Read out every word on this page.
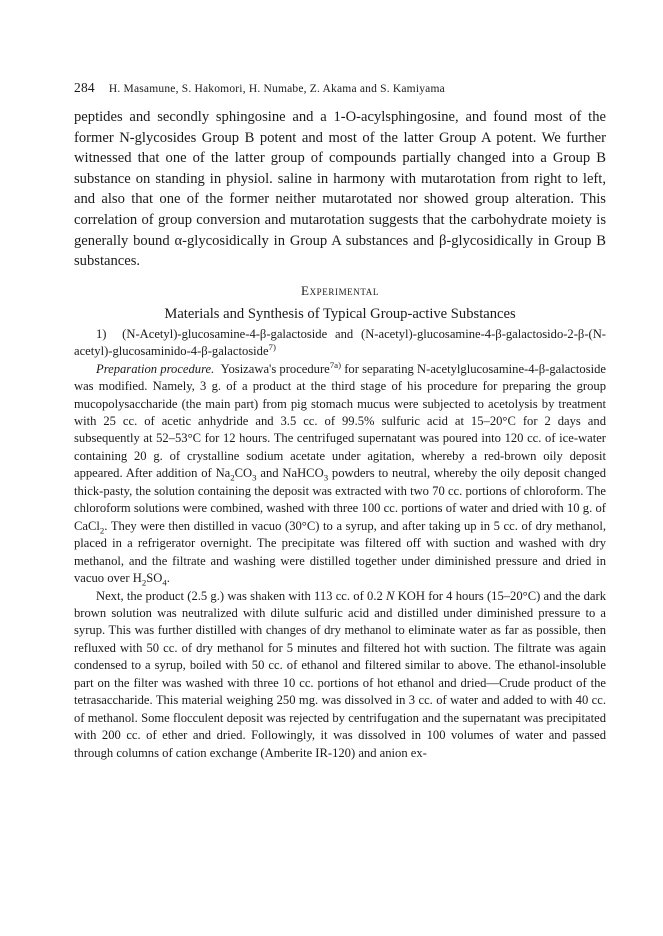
284 H. Masamune, S. Hakomori, H. Numabe, Z. Akama and S. Kamiyama

peptides and secondly sphingosine and a 1-O-acylsphingosine, and found most of the former N-glycosides Group B potent and most of the latter Group A potent. We further witnessed that one of the latter group of compounds partially changed into a Group B substance on standing in physiol. saline in harmony with mutarotation from right to left, and also that one of the former neither mutarotated nor showed group alteration. This correlation of group conversion and mutarotation suggests that the carbohydrate moiety is generally bound α-glycosidically in Group A substances and β-glycosidically in Group B substances.

Experimental
Materials and Synthesis of Typical Group-active Substances

1) (N-Acetyl)-glucosamine-4-β-galactoside and (N-acetyl)-glucosamine-4-β-galactosido-2-β-(N-acetyl)-glucosaminido-4-β-galactoside$^{7)}$

Preparation procedure. Yosizawa's procedure$^{7a)}$ for separating N-acetylglucosamine-4-β-galactoside was modified. Namely, 3 g. of a product at the third stage of his procedure for preparing the group mucopolysaccharide (the main part) from pig stomach mucus were subjected to acetolysis by treatment with 25 cc. of acetic anhydride and 3.5 cc. of 99.5% sulfuric acid at 15–20°C for 2 days and subsequently at 52–53°C for 12 hours. The centrifuged supernatant was poured into 120 cc. of ice-water containing 20 g. of crystalline sodium acetate under agitation, whereby a red-brown oily deposit appeared. After addition of $Na_2CO_3$ and NaHCO$_3$ powders to neutral, whereby the oily deposit changed thick-pasty, the solution containing the deposit was extracted with two 70 cc. portions of chloroform. The chloroform solutions were combined, washed with three 100 cc. portions of water and dried with 10 g. of CaCl$_2$. They were then distilled in vacuo (30°C) to a syrup, and after taking up in 5 cc. of dry methanol, placed in a refrigerator overnight. The precipitate was filtered off with suction and washed with dry methanol, and the filtrate and washing were distilled together under diminished pressure and dried in vacuo over $H_2SO_4$.

Next, the product (2.5 g.) was shaken with 113 cc. of 0.2 N KOH for 4 hours (15–20°C) and the dark brown solution was neutralized with dilute sulfuric acid and distilled under diminished pressure to a syrup. This was further distilled with changes of dry methanol to eliminate water as far as possible, then refluxed with 50 cc. of dry methanol for 5 minutes and filtered hot with suction. The filtrate was again condensed to a syrup, boiled with 50 cc. of ethanol and filtered similar to above. The ethanol-insoluble part on the filter was washed with three 10 cc. portions of hot ethanol and dried—Crude product of the tetrasaccharide. This material weighing 250 mg. was dissolved in 3 cc. of water and added to with 40 cc. of methanol. Some flocculent deposit was rejected by centrifugation and the supernatant was precipitated with 200 cc. of ether and dried. Followingly, it was dissolved in 100 volumes of water and passed through columns of cation exchange (Amberite IR-120) and anion ex-
